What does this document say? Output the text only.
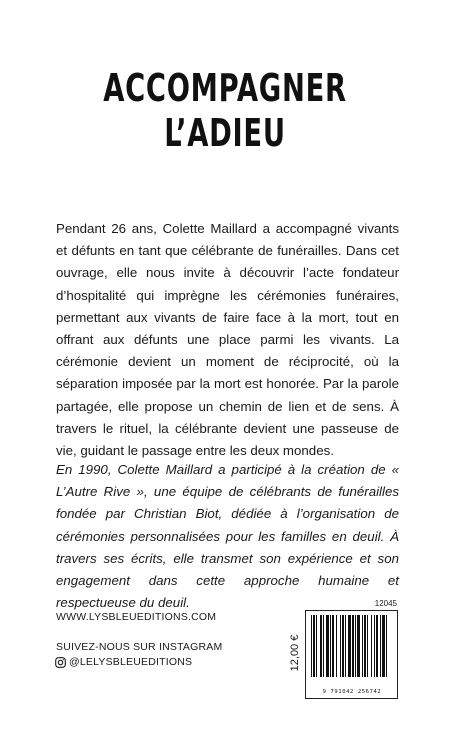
ACCOMPAGNER
L’ADIEU

Pendant 26 ans, Colette Maillard a accompagné vivants et défunts en tant que célébrante de funérailles. Dans cet ouvrage, elle nous invite à découvrir l’acte fondateur d’hospitalité qui imprègne les cérémonies funéraires, permettant aux vivants de faire face à la mort, tout en offrant aux défunts une place parmi les vivants. La cérémonie devient un moment de réciprocité, où la séparation imposée par la mort est honorée. Par la parole partagée, elle propose un chemin de lien et de sens. À travers le rituel, la célébrante devient une passeuse de vie, guidant le passage entre les deux mondes.

En 1990, Colette Maillard a participé à la création de « L’Autre Rive », une équipe de célébrants de funérailles fondée par Christian Biot, dédiée à l’organisation de cérémonies personnalisées pour les familles en deuil. À travers ses écrits, elle transmet son expérience et son engagement dans cette approche humaine et respectueuse du deuil.

WWW.LYSBLEUEDITIONS.COM
SUIVEZ-NOUS SUR INSTAGRAM
@LELYSBLEUEDITIONS
12045
12,00 €
9 791042 256742
